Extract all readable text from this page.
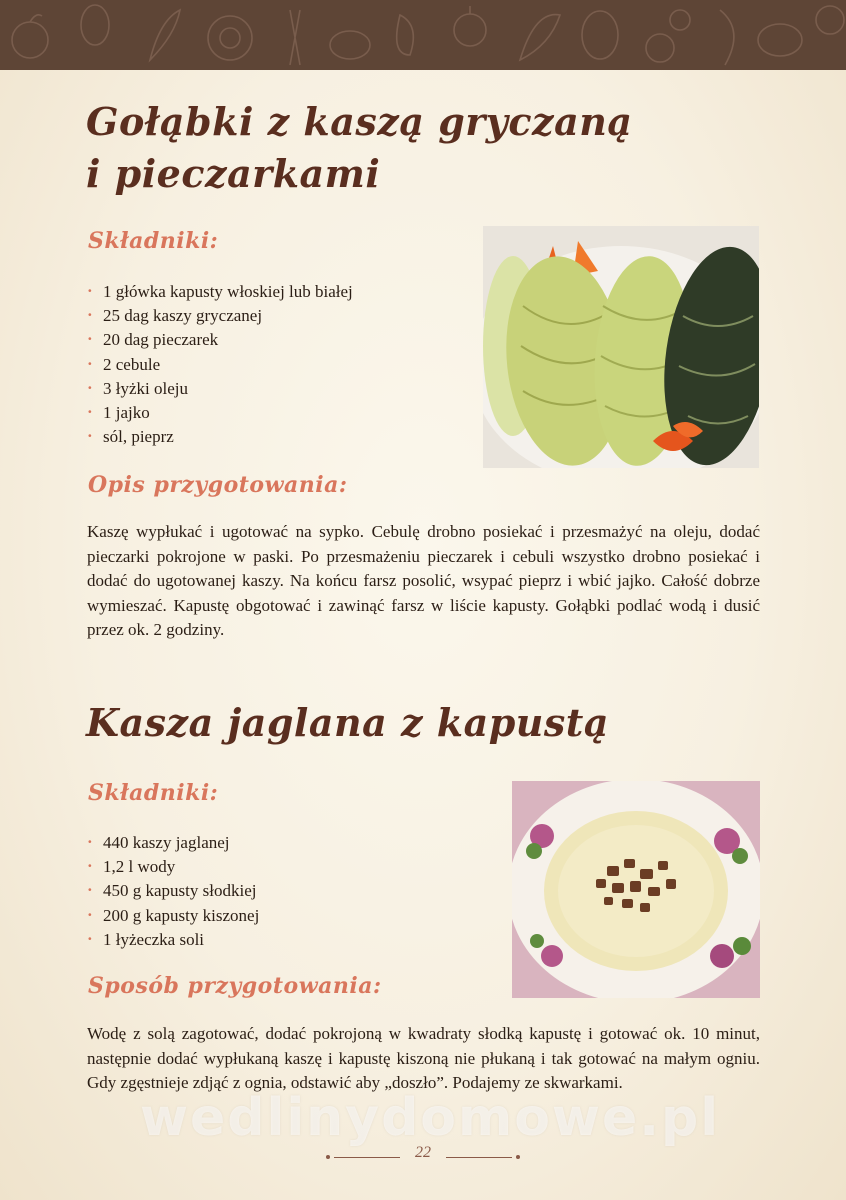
Gołąbki z kaszą gryczaną
i pieczarkami
Składniki:
· 1 główka kapusty włoskiej lub białej
· 25 dag kaszy gryczanej
· 20 dag pieczarek
· 2 cebule
· 3 łyżki oleju
· 1 jajko
· sól, pieprz
Opis przygotowania:

Kaszę wypłukać i ugotować na sypko. Cebulę drobno posiekać i przesmażyć na oleju, dodać pieczarki pokrojone w paski. Po przesmażeniu pieczarek i cebuli wszystko drobno posiekać i dodać do ugotowanej kaszy. Na końcu farsz posolić, wsypać pieprz i wbić jajko. Całość dobrze wymieszać. Kapustę obgotować i zawinąć farsz w liście kapusty. Gołąbki podlać wodą i dusić przez ok. 2 godziny.

Kasza jaglana z kapustą
Składniki:
· 440 kaszy jaglanej
· 1,2 l wody
· 450 g kapusty słodkiej
· 200 g kapusty kiszonej
· 1 łyżeczka soli
Sposób przygotowania:

Wodę z solą zagotować, dodać pokrojoną w kwadraty słodką kapustę i gotować ok. 10 minut, następnie dodać wypłukaną kaszę i kapustę kiszoną nie płukaną i tak gotować na małym ogniu. Gdy zgęstnieje zdjąć z ognia, odstawić aby „doszło”. Podajemy ze skwarkami.

wedlinydomowe.pl
22
